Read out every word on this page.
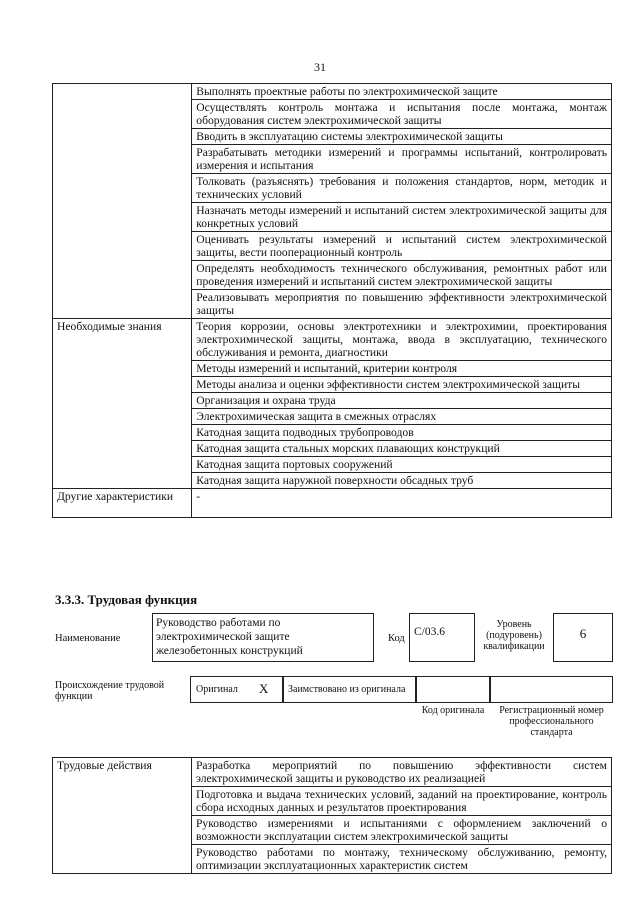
31
	Выполнять проектные работы по электрохимической защите
	Осуществлять контроль монтажа и испытания после монтажа, монтаж оборудования систем электрохимической защиты
	Вводить в эксплуатацию системы электрохимической защиты
	Разрабатывать методики измерений и программы испытаний, контролировать измерения и испытания
	Толковать (разъяснять) требования и положения стандартов, норм, методик и технических условий
	Назначать методы измерений и испытаний систем электрохимической защиты для конкретных условий
	Оценивать результаты измерений и испытаний систем электрохимической защиты, вести пооперационный контроль
	Определять необходимость технического обслуживания, ремонтных работ или проведения измерений и испытаний систем электрохимической защиты
	Реализовывать мероприятия по повышению эффективности электрохимической защиты
Необходимые знания	Теория коррозии, основы электротехники и электрохимии, проектирования электрохимической защиты, монтажа, ввода в эксплуатацию, технического обслуживания и ремонта, диагностики
	Методы измерений и испытаний, критерии контроля
	Методы анализа и оценки эффективности систем электрохимической защиты
	Организация и охрана труда
	Электрохимическая защита в смежных отраслях
	Катодная защита подводных трубопроводов
	Катодная защита стальных морских плавающих конструкций
	Катодная защита портовых сооружений
	Катодная защита наружной поверхности обсадных труб
Другие характеристики	-
3.3.3. Трудовая функция
Наименование
Руководство работами по электрохимической защите железобетонных конструкций
Код
C/03.6
Уровень (подуровень) квалификации
6
Происхождение трудовой функции
Оригинал X	Заимствовано из оригинала
Код оригинала	Регистрационный номер профессионального стандарта
Трудовые действия	Разработка мероприятий по повышению эффективности систем электрохимической защиты и руководство их реализацией
Подготовка и выдача технических условий, заданий на проектирование, контроль сбора исходных данных и результатов проектирования
Руководство измерениями и испытаниями с оформлением заключений о возможности эксплуатации систем электрохимической защиты
Руководство работами по монтажу, техническому обслуживанию, ремонту, оптимизации эксплуатационных характеристик систем
